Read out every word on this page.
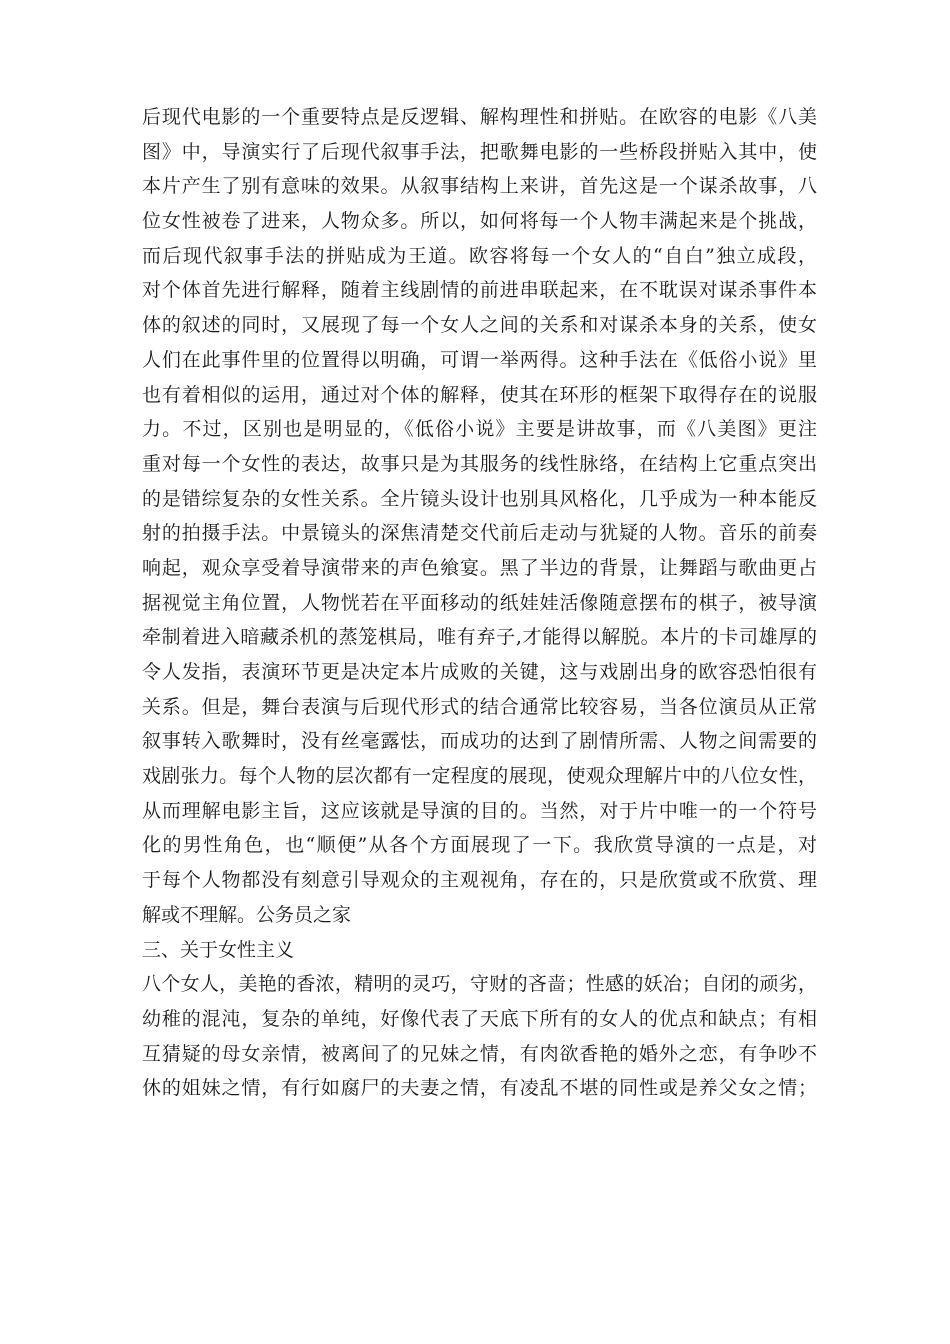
后现代电影的一个重要特点是反逻辑、解构理性和拼贴。在欧容的电影《八美
图》中，导演实行了后现代叙事手法，把歌舞电影的一些桥段拼贴入其中，使
本片产生了别有意味的效果。从叙事结构上来讲，首先这是一个谋杀故事，八
位女性被卷了进来，人物众多。所以，如何将每一个人物丰满起来是个挑战，
而后现代叙事手法的拼贴成为王道。欧容将每一个女人的“自白”独立成段，
对个体首先进行解释，随着主线剧情的前进串联起来，在不耽误对谋杀事件本
体的叙述的同时，又展现了每一个女人之间的关系和对谋杀本身的关系，使女
人们在此事件里的位置得以明确，可谓一举两得。这种手法在《低俗小说》里
也有着相似的运用，通过对个体的解释，使其在环形的框架下取得存在的说服
力。不过，区别也是明显的，《低俗小说》主要是讲故事，而《八美图》更注
重对每一个女性的表达，故事只是为其服务的线性脉络，在结构上它重点突出
的是错综复杂的女性关系。全片镜头设计也别具风格化，几乎成为一种本能反
射的拍摄手法。中景镜头的深焦清楚交代前后走动与犹疑的人物。音乐的前奏
响起，观众享受着导演带来的声色飨宴。黑了半边的背景，让舞蹈与歌曲更占
据视觉主角位置，人物恍若在平面移动的纸娃娃活像随意摆布的棋子，被导演
牵制着进入暗藏杀机的蒸笼棋局，唯有弃子,才能得以解脱。本片的卡司雄厚的
令人发指，表演环节更是决定本片成败的关键，这与戏剧出身的欧容恐怕很有
关系。但是，舞台表演与后现代形式的结合通常比较容易，当各位演员从正常
叙事转入歌舞时，没有丝毫露怯，而成功的达到了剧情所需、人物之间需要的
戏剧张力。每个人物的层次都有一定程度的展现，使观众理解片中的八位女性，
从而理解电影主旨，这应该就是导演的目的。当然，对于片中唯一的一个符号
化的男性角色，也“顺便”从各个方面展现了一下。我欣赏导演的一点是，对
于每个人物都没有刻意引导观众的主观视角，存在的，只是欣赏或不欣赏、理
解或不理解。公务员之家
三、关于女性主义
八个女人，美艳的香浓，精明的灵巧，守财的吝啬；性感的妖冶；自闭的顽劣，
幼稚的混沌，复杂的单纯，好像代表了天底下所有的女人的优点和缺点；有相
互猜疑的母女亲情，被离间了的兄妹之情，有肉欲香艳的婚外之恋，有争吵不
休的姐妹之情，有行如腐尸的夫妻之情，有凌乱不堪的同性或是养父女之情；
